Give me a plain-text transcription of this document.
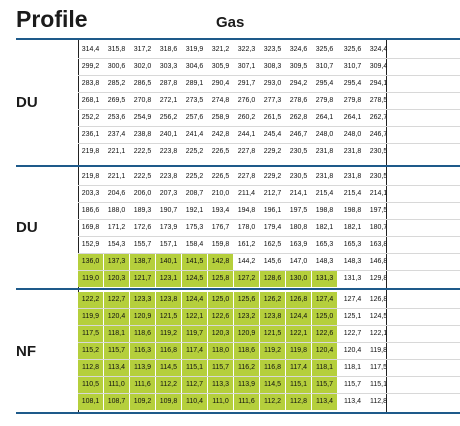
Profile	Gas
DU
314,4	315,8	317,2	318,6	319,9	321,2	322,3	323,5	324,6	325,6	325,6	324,4
299,2	300,6	302,0	303,3	304,6	305,9	307,1	308,3	309,5	310,7	310,7	309,4
283,8	285,2	286,5	287,8	289,1	290,4	291,7	293,0	294,2	295,4	295,4	294,1
268,1	269,5	270,8	272,1	273,5	274,8	276,0	277,3	278,6	279,8	279,8	278,5
252,2	253,6	254,9	256,2	257,6	258,9	260,2	261,5	262,8	264,1	264,1	262,7
236,1	237,4	238,8	240,1	241,4	242,8	244,1	245,4	246,7	248,0	248,0	246,7
219,8	221,1	222,5	223,8	225,2	226,5	227,8	229,2	230,5	231,8	231,8	230,5
DU
219,8	221,1	222,5	223,8	225,2	226,5	227,8	229,2	230,5	231,8	231,8	230,5
203,3	204,6	206,0	207,3	208,7	210,0	211,4	212,7	214,1	215,4	215,4	214,1
186,6	188,0	189,3	190,7	192,1	193,4	194,8	196,1	197,5	198,8	198,8	197,5
169,8	171,2	172,6	173,9	175,3	176,7	178,0	179,4	180,8	182,1	182,1	180,7
152,9	154,3	155,7	157,1	158,4	159,8	161,2	162,5	163,9	165,3	165,3	163,8
136,0	137,3	138,7	140,1	141,5	142,8	144,2	145,6	147,0	148,3	148,3	146,8
119,0	120,3	121,7	123,1	124,5	125,8	127,2	128,6	130,0	131,3	131,3	129,8
NF
122,2	122,7	123,3	123,8	124,4	125,0	125,6	126,2	126,8	127,4	127,4	126,8
119,9	120,4	120,9	121,5	122,1	122,6	123,2	123,8	124,4	125,0	125,1	124,5
117,5	118,1	118,6	119,2	119,7	120,3	120,9	121,5	122,1	122,6	122,7	122,1
115,2	115,7	116,3	116,8	117,4	118,0	118,6	119,2	119,8	120,4	120,4	119,8
112,8	113,4	113,9	114,5	115,1	115,7	116,2	116,8	117,4	118,1	118,1	117,5
110,5	111,0	111,6	112,2	112,7	113,3	113,9	114,5	115,1	115,7	115,7	115,1
108,1	108,7	109,2	109,8	110,4	111,0	111,6	112,2	112,8	113,4	113,4	112,8
